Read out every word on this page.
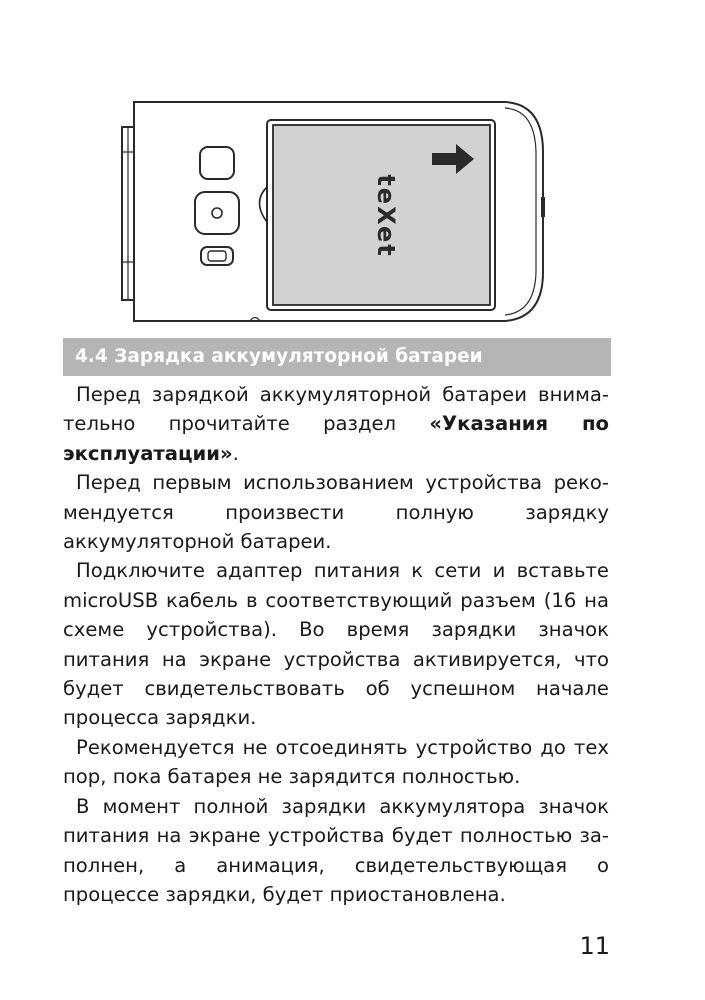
teXet
4.4 Зарядка аккумуляторной батареи

Перед зарядкой аккумуляторной батареи внимательно прочитайте раздел «Указания по эксплуатации».

Перед первым использованием устройства рекомендуется произвести полную зарядку аккумуляторной батареи.

Подключите адаптер питания к сети и вставьте microUSB кабель в соответствующий разъем (16 на схеме устройства). Во время зарядки значок питания на экране устройства активируется, что будет свидетельствовать об успешном начале процесса зарядки.

Рекомендуется не отсоединять устройство до тех пор, пока батарея не зарядится полностью.

В момент полной зарядки аккумулятора значок питания на экране устройства будет полностью заполнен, а анимация, свидетельствующая о процессе зарядки, будет приостановлена.

11
